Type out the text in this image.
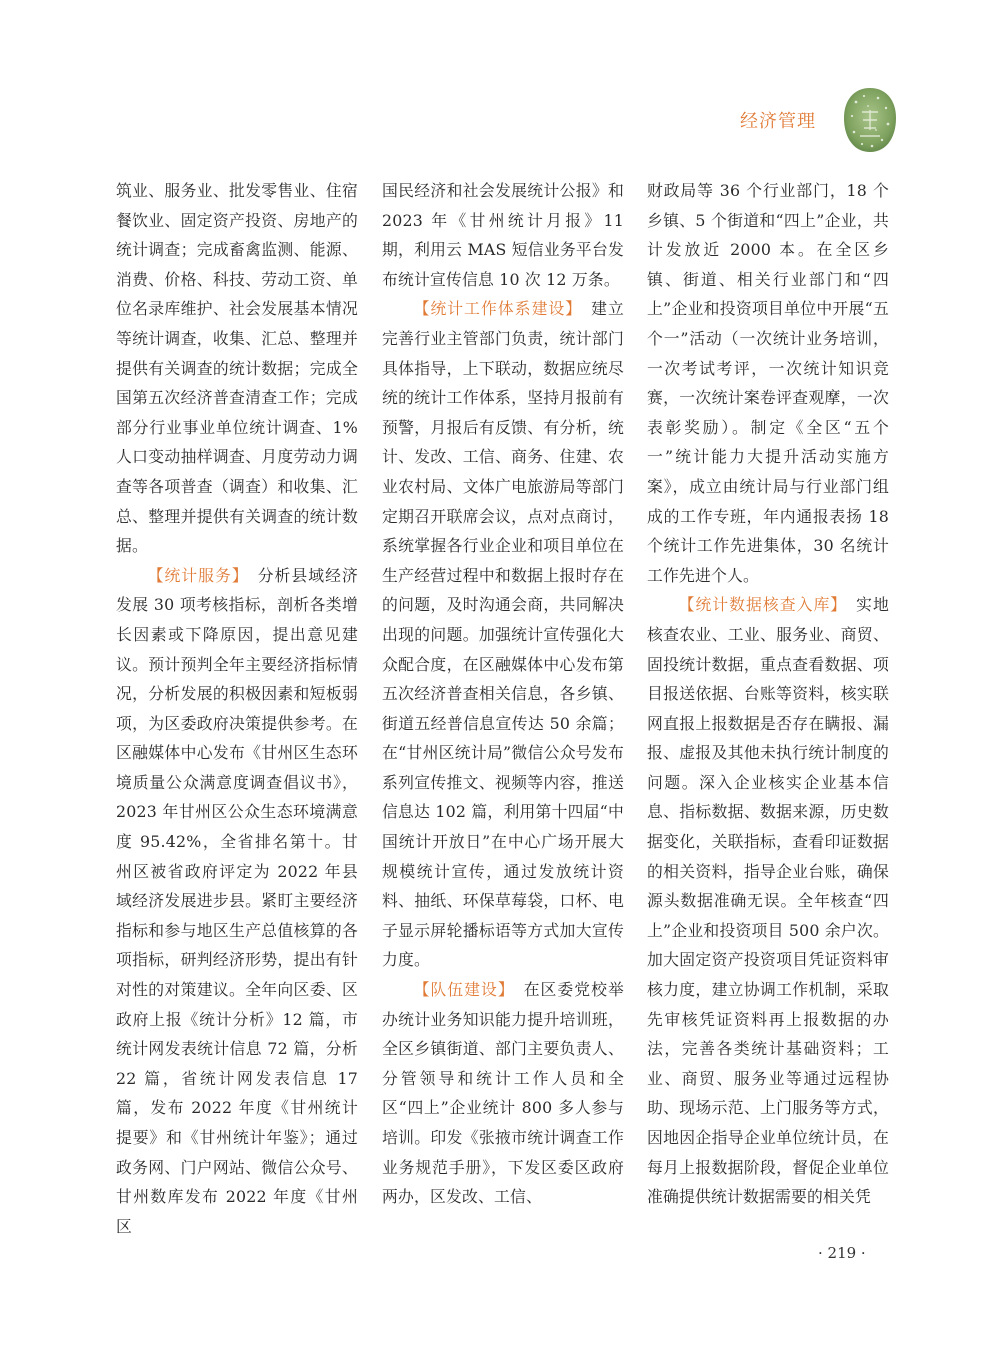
经济管理

筑业、服务业、批发零售业、住宿餐饮业、固定资产投资、房地产的统计调查；完成畜禽监测、能源、消费、价格、科技、劳动工资、单位名录库维护、社会发展基本情况等统计调查，收集、汇总、整理并提供有关调查的统计数据；完成全国第五次经济普查清查工作；完成部分行业事业单位统计调查、1% 人口变动抽样调查、月度劳动力调查等各项普查（调查）和收集、汇总、整理并提供有关调查的统计数据。

【统计服务】　分析县域经济发展 30 项考核指标，剖析各类增长因素或下降原因，提出意见建议。预计预判全年主要经济指标情况，分析发展的积极因素和短板弱项，为区委政府决策提供参考。在区融媒体中心发布《甘州区生态环境质量公众满意度调查倡议书》，2023 年甘州区公众生态环境满意度 95.42%，全省排名第十。甘州区被省政府评定为 2022 年县域经济发展进步县。紧盯主要经济指标和参与地区生产总值核算的各项指标，研判经济形势，提出有针对性的对策建议。全年向区委、区政府上报《统计分析》12 篇，市统计网发表统计信息 72 篇，分析 22 篇，省统计网发表信息 17 篇，发布 2022 年度《甘州统计提要》和《甘州统计年鉴》；通过政务网、门户网站、微信公众号、甘州数库发布 2022 年度《甘州区

国民经济和社会发展统计公报》和 2023 年《甘州统计月报》11 期，利用云 MAS 短信业务平台发布统计宣传信息 10 次 12 万条。

【统计工作体系建设】　建立完善行业主管部门负责，统计部门具体指导，上下联动，数据应统尽统的统计工作体系，坚持月报前有预警，月报后有反馈、有分析，统计、发改、工信、商务、住建、农业农村局、文体广电旅游局等部门定期召开联席会议，点对点商讨，系统掌握各行业企业和项目单位在生产经营过程中和数据上报时存在的问题，及时沟通会商，共同解决出现的问题。加强统计宣传强化大众配合度，在区融媒体中心发布第五次经济普查相关信息，各乡镇、街道五经普信息宣传达 50 余篇；在“甘州区统计局”微信公众号发布系列宣传推文、视频等内容，推送信息达 102 篇，利用第十四届“中国统计开放日”在中心广场开展大规模统计宣传，通过发放统计资料、抽纸、环保草莓袋，口杯、电子显示屏轮播标语等方式加大宣传力度。

【队伍建设】　在区委党校举办统计业务知识能力提升培训班，全区乡镇街道、部门主要负责人、分管领导和统计工作人员和全区“四上”企业统计 800 多人参与培训。印发《张掖市统计调查工作业务规范手册》，下发区委区政府两办，区发改、工信、

财政局等 36 个行业部门，18 个乡镇、5 个街道和“四上”企业，共计发放近 2000 本。在全区乡镇、街道、相关行业部门和“四上”企业和投资项目单位中开展“五个一”活动（一次统计业务培训，一次考试考评，一次统计知识竞赛，一次统计案卷评查观摩，一次表彰奖励）。制定《全区“五个一”统计能力大提升活动实施方案》，成立由统计局与行业部门组成的工作专班，年内通报表扬 18 个统计工作先进集体，30 名统计工作先进个人。

【统计数据核查入库】　实地核查农业、工业、服务业、商贸、固投统计数据，重点查看数据、项目报送依据、台账等资料，核实联网直报上报数据是否存在瞒报、漏报、虚报及其他未执行统计制度的问题。深入企业核实企业基本信息、指标数据、数据来源，历史数据变化，关联指标，查看印证数据的相关资料，指导企业台账，确保源头数据准确无误。全年核查“四上”企业和投资项目 500 余户次。加大固定资产投资项目凭证资料审核力度，建立协调工作机制，采取先审核凭证资料再上报数据的办法，完善各类统计基础资料；工业、商贸、服务业等通过远程协助、现场示范、上门服务等方式，因地因企指导企业单位统计员，在每月上报数据阶段，督促企业单位准确提供统计数据需要的相关凭

· 219 ·
